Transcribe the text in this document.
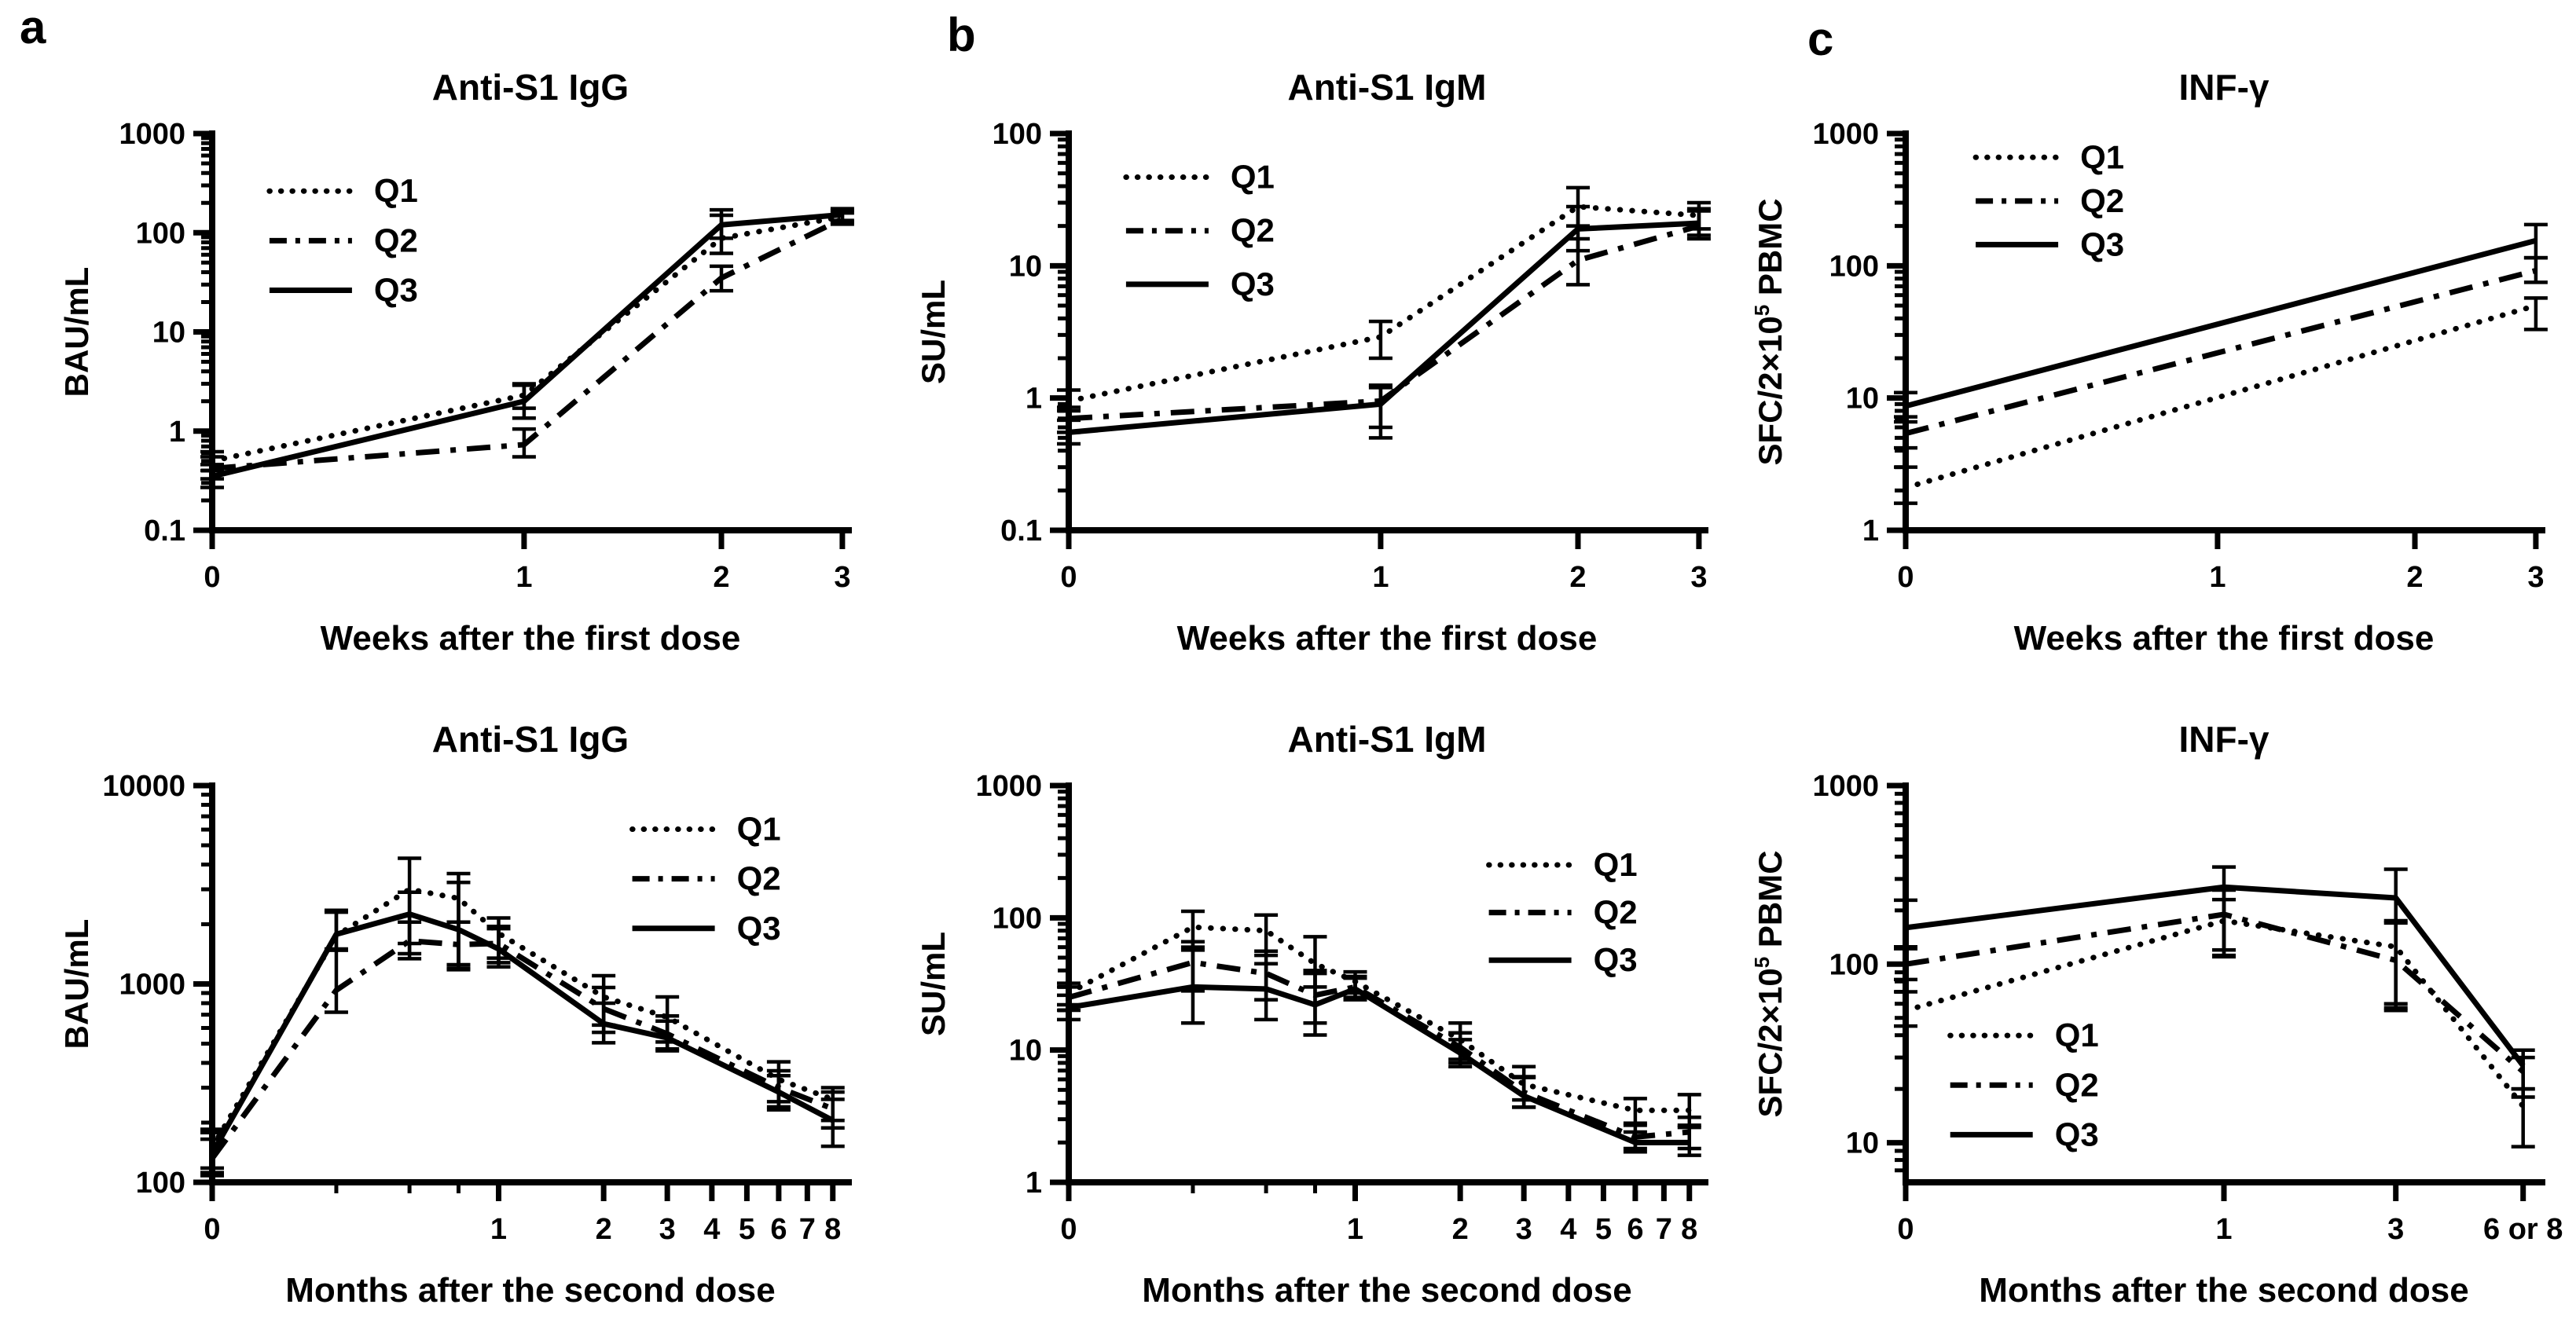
a	b	c
Anti-S1 IgG
BAU/mL
Weeks after the first dose
0.1
1
10
100
1000
0	1	2	3
Q1
Q2
Q3
Anti-S1 IgM
SU/mL
Weeks after the first dose
0.1
1
10
100
0	1	2	3
Q1
Q2
Q3
INF-γ
SFC/$2\times 10^5$ PBMC
Weeks after the first dose
1
10
100
1000
0	1	2	3
Q1
Q2
Q3
Anti-S1 IgG
BAU/mL
Months after the second dose
100
1000
10000
0	1	2 3 4 5 6 7 8
Q1
Q2
Q3
Anti-S1 IgM
SU/mL
Months after the second dose
1
10
100
1000
0	1	2 3 4 5 6 7 8
Q1
Q2
Q3
INF-γ
SFC/$2\times 10^5$ PBMC
Months after the second dose
10
100
1000
0	1	3	6 or 8
Q1
Q2
Q3
